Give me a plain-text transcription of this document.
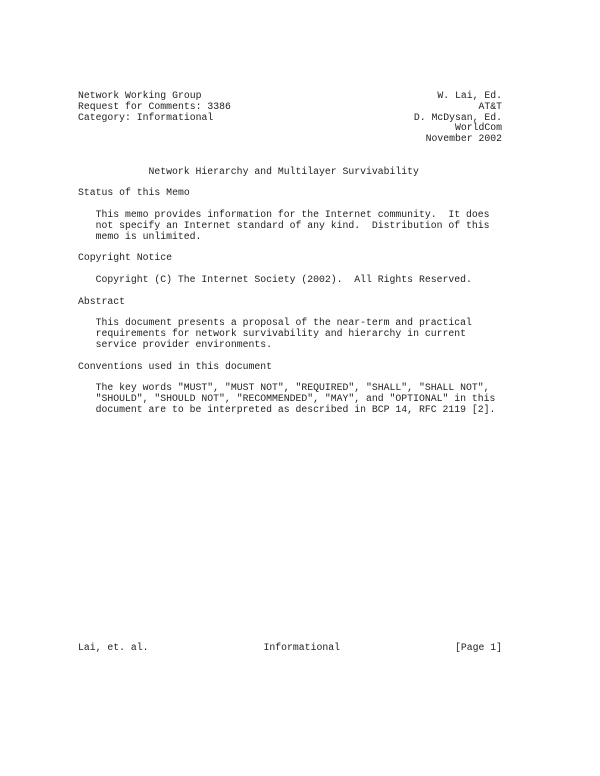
Network Working Group	W. Lai, Ed.
Request for Comments: 3386	AT&T
Category: Informational	D. McDysan, Ed.
WorldCom
November 2002
Network Hierarchy and Multilayer Survivability
Status of this Memo
This memo provides information for the Internet community.  It does
not specify an Internet standard of any kind.  Distribution of this
memo is unlimited.
Copyright Notice
Copyright (C) The Internet Society (2002).  All Rights Reserved.
Abstract
This document presents a proposal of the near-term and practical
requirements for network survivability and hierarchy in current
service provider environments.
Conventions used in this document
The key words "MUST", "MUST NOT", "REQUIRED", "SHALL", "SHALL NOT",
"SHOULD", "SHOULD NOT", "RECOMMENDED", "MAY", and "OPTIONAL" in this
document are to be interpreted as described in BCP 14, RFC 2119 [2].
Lai, et. al.	Informational	[Page 1]
